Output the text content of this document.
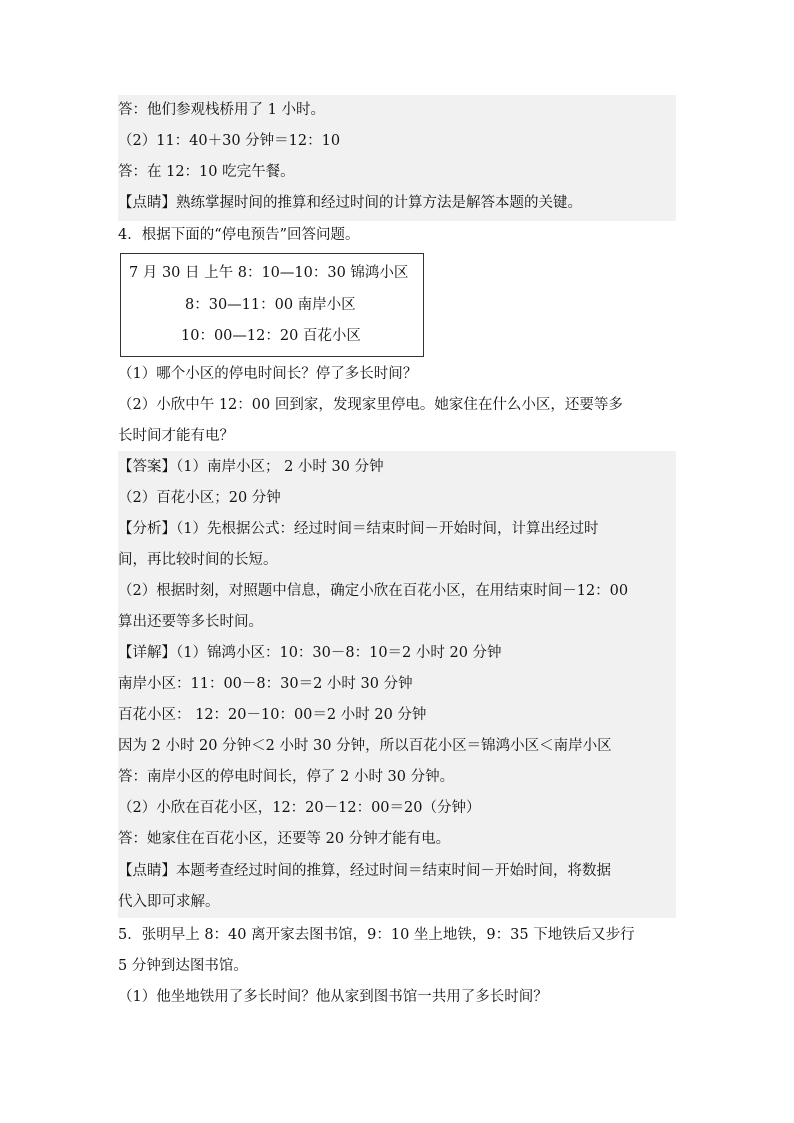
答：他们参观栈桥用了 1 小时。
（2）11：40＋30 分钟＝12：10
答：在 12：10 吃完午餐。
【点睛】熟练掌握时间的推算和经过时间的计算方法是解答本题的关键。
4．根据下面的“停电预告”回答问题。
7 月 30 日 上午 8：10—10：30 锦鸿小区
8：30—11：00 南岸小区
10：00—12：20 百花小区
（1）哪个小区的停电时间长？停了多长时间？
（2）小欣中午 12：00 回到家，发现家里停电。她家住在什么小区，还要等多
长时间才能有电？
【答案】（1）南岸小区； 2 小时 30 分钟
（2）百花小区；20 分钟
【分析】（1）先根据公式：经过时间＝结束时间－开始时间，计算出经过时
间，再比较时间的长短。
（2）根据时刻，对照题中信息，确定小欣在百花小区，在用结束时间－12：00
算出还要等多长时间。
【详解】（1）锦鸿小区：10：30－8：10＝2 小时 20 分钟
南岸小区：11：00－8：30＝2 小时 30 分钟
百花小区： 12：20－10：00＝2 小时 20 分钟
因为 2 小时 20 分钟＜2 小时 30 分钟，所以百花小区＝锦鸿小区＜南岸小区
答：南岸小区的停电时间长，停了 2 小时 30 分钟。
（2）小欣在百花小区，12：20－12：00＝20（分钟）
答：她家住在百花小区，还要等 20 分钟才能有电。
【点睛】本题考查经过时间的推算，经过时间＝结束时间－开始时间，将数据
代入即可求解。
5．张明早上 8：40 离开家去图书馆，9：10 坐上地铁，9：35 下地铁后又步行
5 分钟到达图书馆。
（1）他坐地铁用了多长时间？他从家到图书馆一共用了多长时间？
